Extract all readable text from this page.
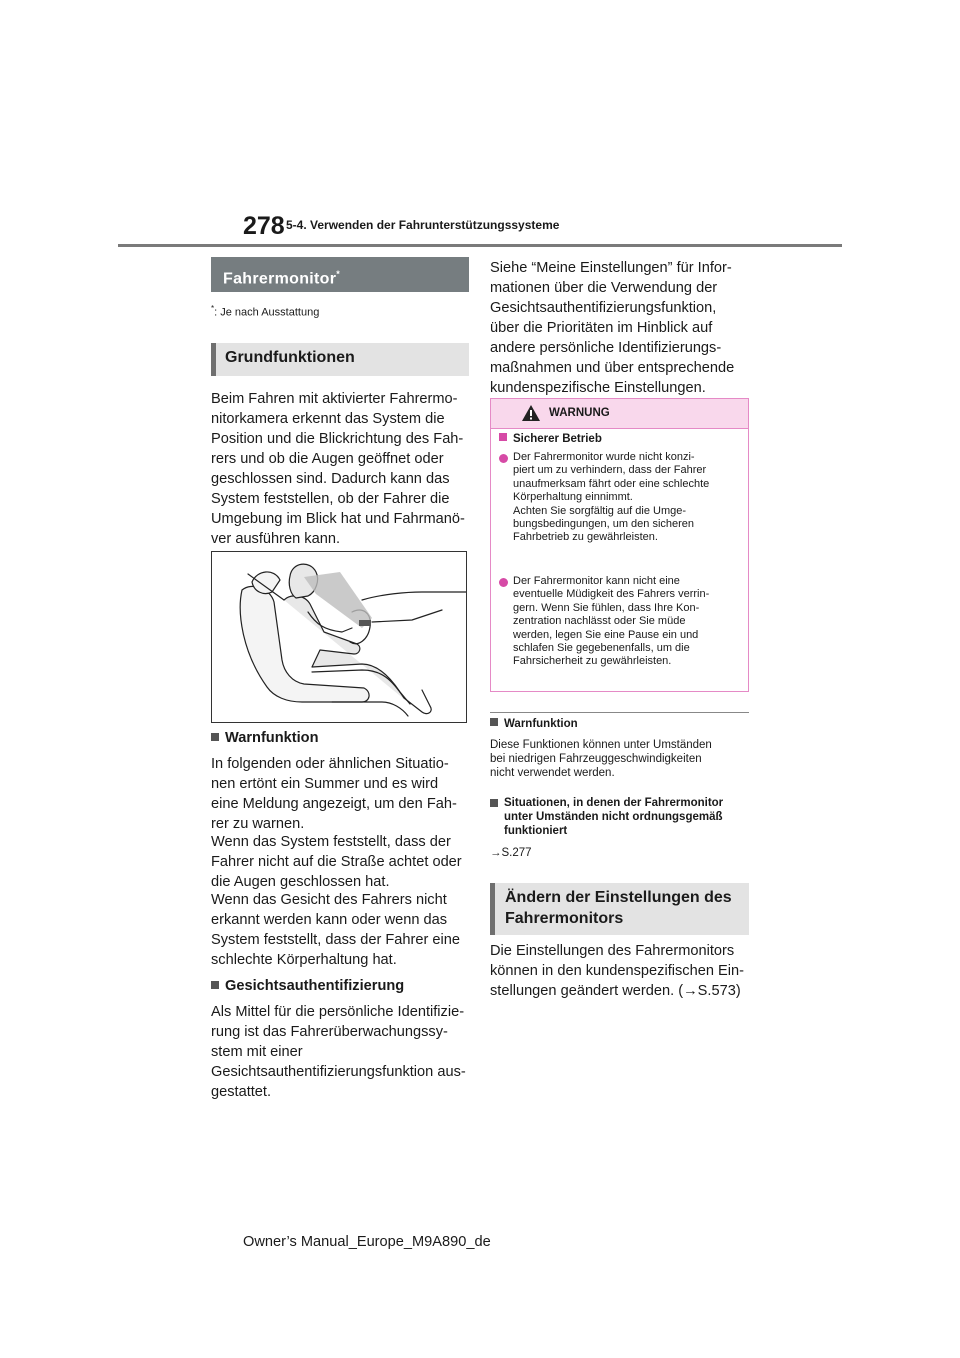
278 5-4. Verwenden der Fahrunterstützungssysteme
Fahrermonitor*
*: Je nach Ausstattung
Grundfunktionen
Beim Fahren mit aktivierter Fahrermo-
nitorkamera erkennt das System die
Position und die Blickrichtung des Fah-
rers und ob die Augen geöffnet oder
geschlossen sind. Dadurch kann das
System feststellen, ob der Fahrer die
Umgebung im Blick hat und Fahrmanö-
ver ausführen kann.
Warnfunktion
In folgenden oder ähnlichen Situatio-
nen ertönt ein Summer und es wird
eine Meldung angezeigt, um den Fah-
rer zu warnen.
Wenn das System feststellt, dass der
Fahrer nicht auf die Straße achtet oder
die Augen geschlossen hat.
Wenn das Gesicht des Fahrers nicht
erkannt werden kann oder wenn das
System feststellt, dass der Fahrer eine
schlechte Körperhaltung hat.
Gesichtsauthentifizierung
Als Mittel für die persönliche Identifizie-
rung ist das Fahrerüberwachungssy-
stem mit einer
Gesichtsauthentifizierungsfunktion aus-
gestattet.
Siehe “Meine Einstellungen” für Infor-
mationen über die Verwendung der
Gesichtsauthentifizierungsfunktion,
über die Prioritäten im Hinblick auf
andere persönliche Identifizierungs-
maßnahmen und über entsprechende
kundenspezifische Einstellungen.
WARNUNG
Sicherer Betrieb
Der Fahrermonitor wurde nicht konzi-
piert um zu verhindern, dass der Fahrer
unaufmerksam fährt oder eine schlechte
Körperhaltung einnimmt.
Achten Sie sorgfältig auf die Umge-
bungsbedingungen, um den sicheren
Fahrbetrieb zu gewährleisten.
Der Fahrermonitor kann nicht eine
eventuelle Müdigkeit des Fahrers verrin-
gern. Wenn Sie fühlen, dass Ihre Kon-
zentration nachlässt oder Sie müde
werden, legen Sie eine Pause ein und
schlafen Sie gegebenenfalls, um die
Fahrsicherheit zu gewährleisten.
Warnfunktion
Diese Funktionen können unter Umständen
bei niedrigen Fahrzeuggeschwindigkeiten
nicht verwendet werden.
Situationen, in denen der Fahrermonitor
unter Umständen nicht ordnungsgemäß
funktioniert
→S.277
Ändern der Einstellungen des
Fahrermonitors
Die Einstellungen des Fahrermonitors
können in den kundenspezifischen Ein-
stellungen geändert werden. (→S.573)
Owner’s Manual_Europe_M9A890_de
